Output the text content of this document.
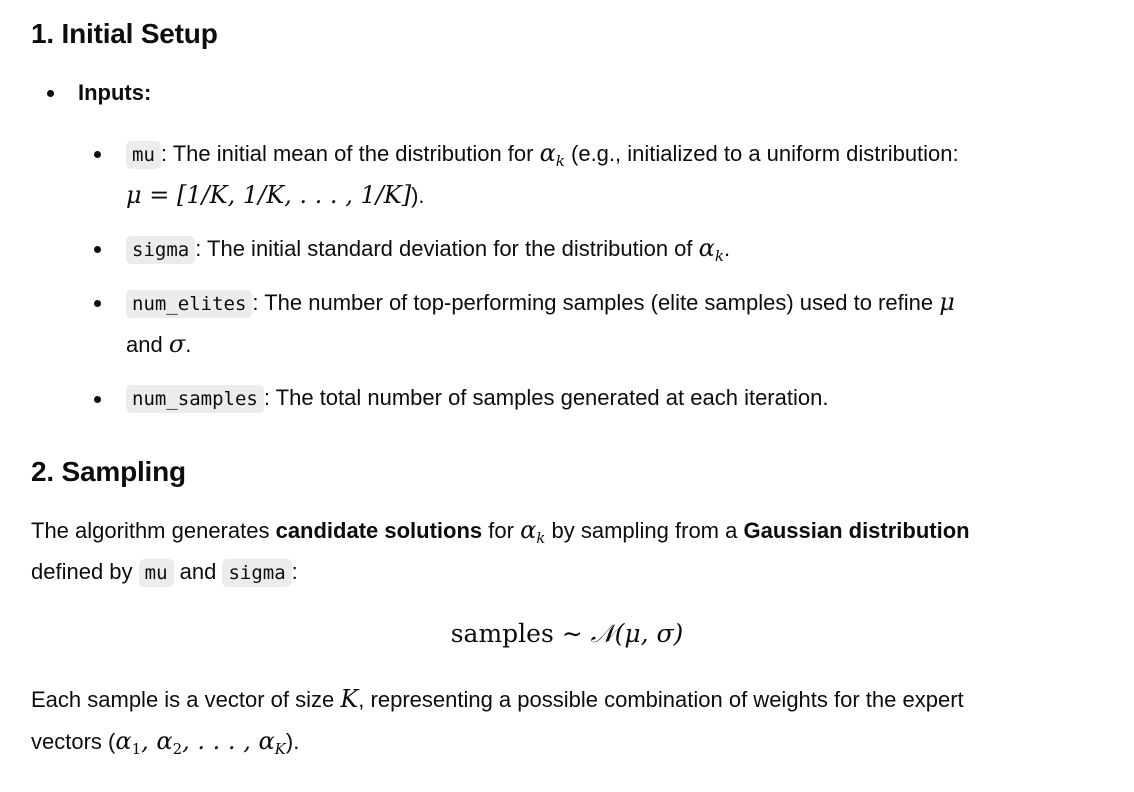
1. Initial Setup
Inputs:
mu : The initial mean of the distribution for $\alpha_k$ (e.g., initialized to a uniform distribution:
μ = [1/K, 1/K, . . . , 1/K]).
sigma : The initial standard deviation for the distribution of $\alpha_k$.
num_elites : The number of top-performing samples (elite samples) used to refine μ
and σ.
num_samples : The total number of samples generated at each iteration.
2. Sampling
The algorithm generates candidate solutions for $\alpha_k$ by sampling from a Gaussian distribution
defined by mu and sigma :
samples ∼ 𝒩(μ, σ)
Each sample is a vector of size K, representing a possible combination of weights for the expert
vectors ($\alpha_1$, $\alpha_2$, . . . , $\alpha_K$).
